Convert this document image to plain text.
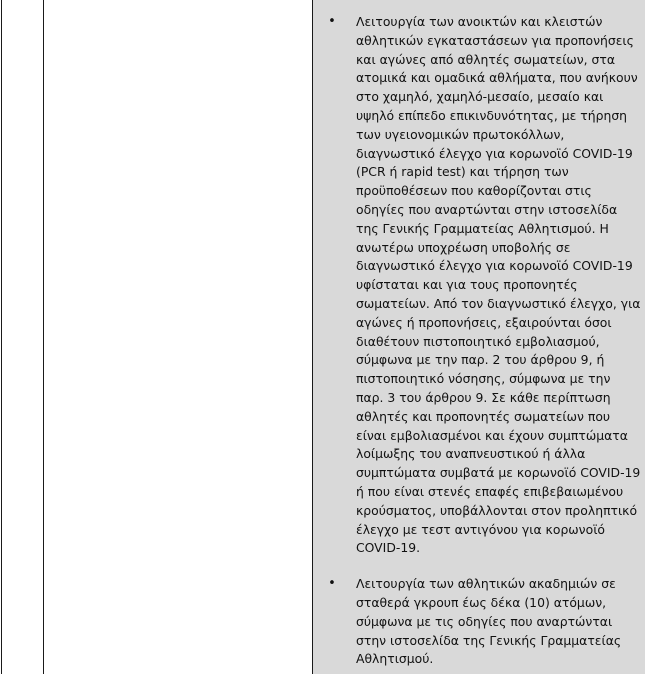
• Λειτουργία των ανοικτών και κλειστών αθλητικών εγκαταστάσεων για προπονήσεις και αγώνες από αθλητές σωματείων, στα ατομικά και ομαδικά αθλήματα, που ανήκουν στο χαμηλό, χαμηλό-μεσαίο, μεσαίο και υψηλό επίπεδο επικινδυνότητας, με τήρηση των υγειονομικών πρωτοκόλλων, διαγνωστικό έλεγχο για κορωνοϊό COVID-19 (PCR ή rapid test) και τήρηση των προϋποθέσεων που καθορίζονται στις οδηγίες που αναρτώνται στην ιστοσελίδα της Γενικής Γραμματείας Αθλητισμού. Η ανωτέρω υποχρέωση υποβολής σε διαγνωστικό έλεγχο για κορωνοϊό COVID-19 υφίσταται και για τους προπονητές σωματείων. Από τον διαγνωστικό έλεγχο, για αγώνες ή προπονήσεις, εξαιρούνται όσοι διαθέτουν πιστοποιητικό εμβολιασμού, σύμφωνα με την παρ. 2 του άρθρου 9, ή πιστοποιητικό νόσησης, σύμφωνα με την παρ. 3 του άρθρου 9. Σε κάθε περίπτωση αθλητές και προπονητές σωματείων που είναι εμβολιασμένοι και έχουν συμπτώματα λοίμωξης του αναπνευστικού ή άλλα συμπτώματα συμβατά με κορωνοϊό COVID-19 ή που είναι στενές επαφές επιβεβαιωμένου κρούσματος, υποβάλλονται στον προληπτικό έλεγχο με τεστ αντιγόνου για κορωνοϊό COVID-19.
• Λειτουργία των αθλητικών ακαδημιών σε σταθερά γκρουπ έως δέκα (10) ατόμων, σύμφωνα με τις οδηγίες που αναρτώνται στην ιστοσελίδα της Γενικής Γραμματείας Αθλητισμού.
